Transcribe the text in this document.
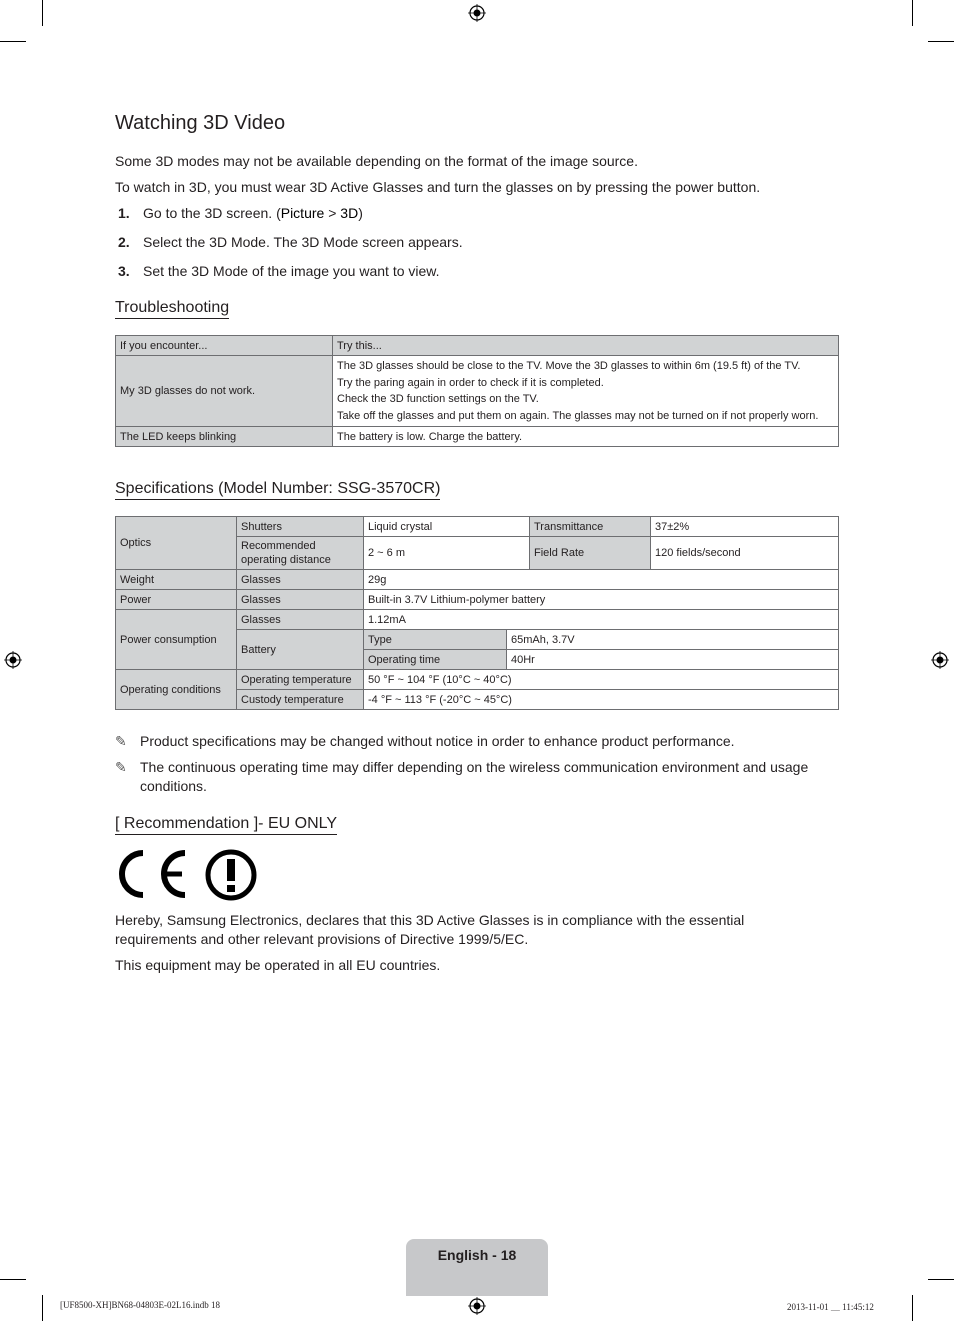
Watching 3D Video

Some 3D modes may not be available depending on the format of the image source.

To watch in 3D, you must wear 3D Active Glasses and turn the glasses on by pressing the power button.

1. Go to the 3D screen. (Picture > 3D)
2. Select the 3D Mode. The 3D Mode screen appears.
3. Set the 3D Mode of the image you want to view.
Troubleshooting
If you encounter...	Try this...
My 3D glasses do not work.	The 3D glasses should be close to the TV. Move the 3D glasses to within 6m (19.5 ft) of the TV.
Try the paring again in order to check if it is completed.
Check the 3D function settings on the TV.
Take off the glasses and put them on again. The glasses may not be turned on if not properly worn.

The LED keeps blinking	The battery is low. Charge the battery.
Specifications (Model Number: SSG-3570CR)
Optics	Shutters	Liquid crystal		Transmittance	37±2%
	Recommended operating distance	2 ~ 6 m		Field Rate	120 fields/second
Weight	Glasses	29g			
Power	Glasses	Built-in 3.7V Lithium-polymer battery			
Power consumption	Glasses	1.12mA			
	Battery	Type	65mAh, 3.7V		
		Operating time	40Hr		
Operating conditions	Operating temperature	50 °F ~ 104 °F (10°C ~ 40°C)			
	Custody temperature	-4 °F ~ 113 °F (-20°C ~ 45°C)			
✎ Product specifications may be changed without notice in order to enhance product performance.
✎ The continuous operating time may differ depending on the wireless communication environment and usage conditions.
[ Recommendation ]- EU ONLY

Hereby, Samsung Electronics, declares that this 3D Active Glasses is in compliance with the essential requirements and other relevant provisions of Directive 1999/5/EC.

This equipment may be operated in all EU countries.

English - 18
[UF8500-XH]BN68-04803E-02L16.indb 18	2013-11-01 ＿ 11:45:12
